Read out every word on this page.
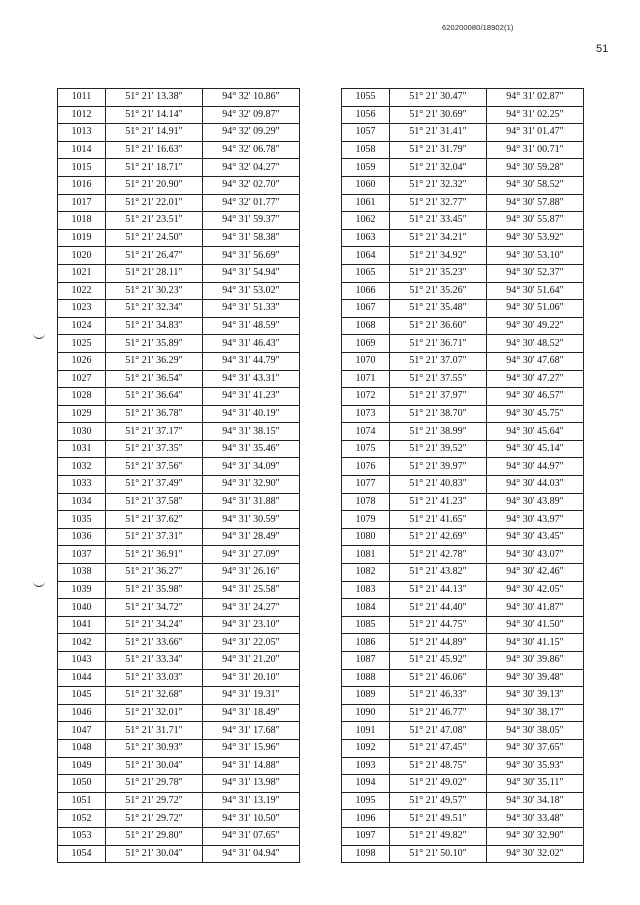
620200080/18902(1)
51
1011	51° 21' 13.38"	94° 32' 10.86"
1012	51° 21' 14.14"	94° 32' 09.87"
1013	51° 21' 14.91"	94° 32' 09.29"
1014	51° 21' 16.63"	94° 32' 06.78"
1015	51° 21' 18.71"	94° 32' 04.27"
1016	51° 21' 20.90"	94° 32' 02.70"
1017	51° 21' 22.01"	94° 32' 01.77"
1018	51° 21' 23.51"	94° 31' 59.37"
1019	51° 21' 24.50"	94° 31' 58.38"
1020	51° 21' 26.47"	94° 31' 56.69"
1021	51° 21' 28.11"	94° 31' 54.94"
1022	51° 21' 30.23"	94° 31' 53.02"
1023	51° 21' 32.34"	94° 31' 51.33"
1024	51° 21' 34.83"	94° 31' 48.59"
1025	51° 21' 35.89"	94° 31' 46.43"
1026	51° 21' 36.29"	94° 31' 44.79"
1027	51° 21' 36.54"	94° 31' 43.31"
1028	51° 21' 36.64"	94° 31' 41.23"
1029	51° 21' 36.78"	94° 31' 40.19"
1030	51° 21' 37.17"	94° 31' 38.15"
1031	51° 21' 37.35"	94° 31' 35.46"
1032	51° 21' 37.56"	94° 31' 34.09"
1033	51° 21' 37.49"	94° 31' 32.90"
1034	51° 21' 37.58"	94° 31' 31.88"
1035	51° 21' 37.62"	94° 31' 30.59"
1036	51° 21' 37.31"	94° 31' 28.49"
1037	51° 21' 36.91"	94° 31' 27.09"
1038	51° 21' 36.27"	94° 31' 26.16"
1039	51° 21' 35.98"	94° 31' 25.58"
1040	51° 21' 34.72"	94° 31' 24.27"
1041	51° 21' 34.24"	94° 31' 23.10"
1042	51° 21' 33.66"	94° 31' 22.05"
1043	51° 21' 33.34"	94° 31' 21.20"
1044	51° 21' 33.03"	94° 31' 20.10"
1045	51° 21' 32.68"	94° 31' 19.31"
1046	51° 21' 32.01"	94° 31' 18.49"
1047	51° 21' 31.71"	94° 31' 17.68"
1048	51° 21' 30.93"	94° 31' 15.96"
1049	51° 21' 30.04"	94° 31' 14.88"
1050	51° 21' 29.78"	94° 31' 13.98"
1051	51° 21' 29.72"	94° 31' 13.19"
1052	51° 21' 29.72"	94° 31' 10.50"
1053	51° 21' 29.80"	94° 31' 07.65"
1054	51° 21' 30.04"	94° 31' 04.94"
1055	51° 21' 30.47"	94° 31' 02.87"
1056	51° 21' 30.69"	94° 31' 02.25"
1057	51° 21' 31.41"	94° 31' 01.47"
1058	51° 21' 31.79"	94° 31' 00.71"
1059	51° 21' 32.04"	94° 30' 59.28"
1060	51° 21' 32.32"	94° 30' 58.52"
1061	51° 21' 32.77"	94° 30' 57.88"
1062	51° 21' 33.45"	94° 30' 55.87"
1063	51° 21' 34.21"	94° 30' 53.92"
1064	51° 21' 34.92"	94° 30' 53.10"
1065	51° 21' 35.23"	94° 30' 52.37"
1066	51° 21' 35.26"	94° 30' 51.64"
1067	51° 21' 35.48"	94° 30' 51.06"
1068	51° 21' 36.60"	94° 30' 49.22"
1069	51° 21' 36.71"	94° 30' 48.52"
1070	51° 21' 37.07"	94° 30' 47.68"
1071	51° 21' 37.55"	94° 30' 47.27"
1072	51° 21' 37.97"	94° 30' 46.57"
1073	51° 21' 38.70"	94° 30' 45.75"
1074	51° 21' 38.99"	94° 30' 45.64"
1075	51° 21' 39.52"	94° 30' 45.14"
1076	51° 21' 39.97"	94° 30' 44.97"
1077	51° 21' 40.83"	94° 30' 44.03"
1078	51° 21' 41.23"	94° 30' 43.89"
1079	51° 21' 41.65"	94° 30' 43.97"
1080	51° 21' 42.69"	94° 30' 43.45"
1081	51° 21' 42.78"	94° 30' 43.07"
1082	51° 21' 43.82"	94° 30' 42.46"
1083	51° 21' 44.13"	94° 30' 42.05"
1084	51° 21' 44.40"	94° 30' 41.87"
1085	51° 21' 44.75"	94° 30' 41.50"
1086	51° 21' 44.89"	94° 30' 41.15"
1087	51° 21' 45.92"	94° 30' 39.86"
1088	51° 21' 46.06"	94° 30' 39.48"
1089	51° 21' 46.33"	94° 30' 39.13"
1090	51° 21' 46.77"	94° 30' 38.17"
1091	51° 21' 47.08"	94° 30' 38.05"
1092	51° 21' 47.45"	94° 30' 37.65"
1093	51° 21' 48.75"	94° 30' 35.93"
1094	51° 21' 49.02"	94° 30' 35.11"
1095	51° 21' 49.57"	94° 30' 34.18"
1096	51° 21' 49.51"	94° 30' 33.48"
1097	51° 21' 49.82"	94° 30' 32.90"
1098	51° 21' 50.10"	94° 30' 32.02"
